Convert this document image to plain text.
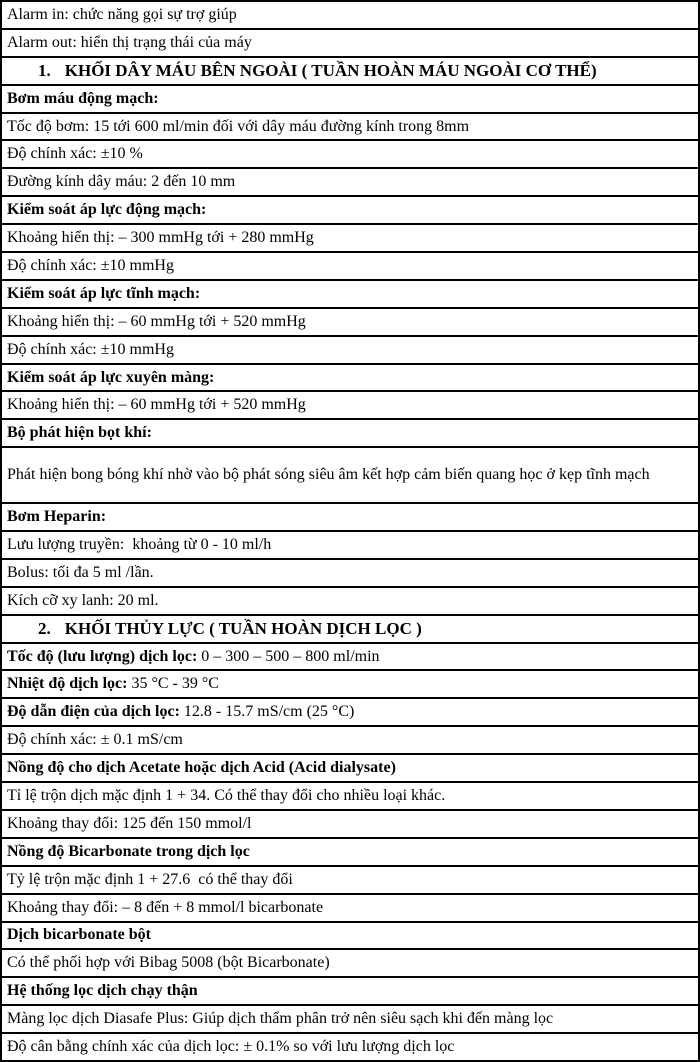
Alarm in: chức năng gọi sự trợ giúp
Alarm out: hiển thị trạng thái của máy
1. KHỐI DÂY MÁU BÊN NGOÀI ( TUẦN HOÀN MÁU NGOÀI CƠ THỂ)
Bơm máu động mạch:
Tốc độ bơm: 15 tới 600 ml/min đối với dây máu đường kính trong 8mm
Độ chính xác: ±10 %
Đường kính dây máu: 2 đến 10 mm
Kiểm soát áp lực động mạch:
Khoảng hiển thị: – 300 mmHg tới + 280 mmHg
Độ chính xác: ±10 mmHg
Kiểm soát áp lực tĩnh mạch:
Khoảng hiển thị: – 60 mmHg tới + 520 mmHg
Độ chính xác: ±10 mmHg
Kiểm soát áp lực xuyên màng:
Khoảng hiển thị: – 60 mmHg tới + 520 mmHg
Bộ phát hiện bọt khí:
Phát hiện bong bóng khí nhờ vào bộ phát sóng siêu âm kết hợp cảm biến quang học ở kẹp tĩnh mạch
Bơm Heparin:
Lưu lượng truyền:  khoảng từ 0 - 10 ml/h
Bolus: tối đa 5 ml /lần.
Kích cỡ xy lanh: 20 ml.
2. KHỐI THỦY LỰC ( TUẦN HOÀN DỊCH LỌC )
Tốc độ (lưu lượng) dịch lọc: 0 – 300 – 500 – 800 ml/min
Nhiệt độ dịch lọc: 35 °C - 39 °C
Độ dẫn điện của dịch lọc: 12.8 - 15.7 mS/cm (25 °C)
Độ chính xác: ± 0.1 mS/cm
Nồng độ cho dịch Acetate hoặc dịch Acid (Acid dialysate)
Tỉ lệ trộn dịch mặc định 1 + 34. Có thể thay đổi cho nhiều loại khác.
Khoảng thay đổi: 125 đến 150 mmol/l
Nồng độ Bicarbonate trong dịch lọc
Tỷ lệ trộn mặc định 1 + 27.6  có thể thay đổi
Khoảng thay đổi: – 8 đến + 8 mmol/l bicarbonate
Dịch bicarbonate bột
Có thể phối hợp với Bibag 5008 (bột Bicarbonate)
Hệ thống lọc dịch chạy thận
Màng lọc dịch Diasafe Plus: Giúp dịch thẩm phân trở nên siêu sạch khi đến màng lọc
Độ cân bằng chính xác của dịch lọc: ± 0.1% so với lưu lượng dịch lọc
